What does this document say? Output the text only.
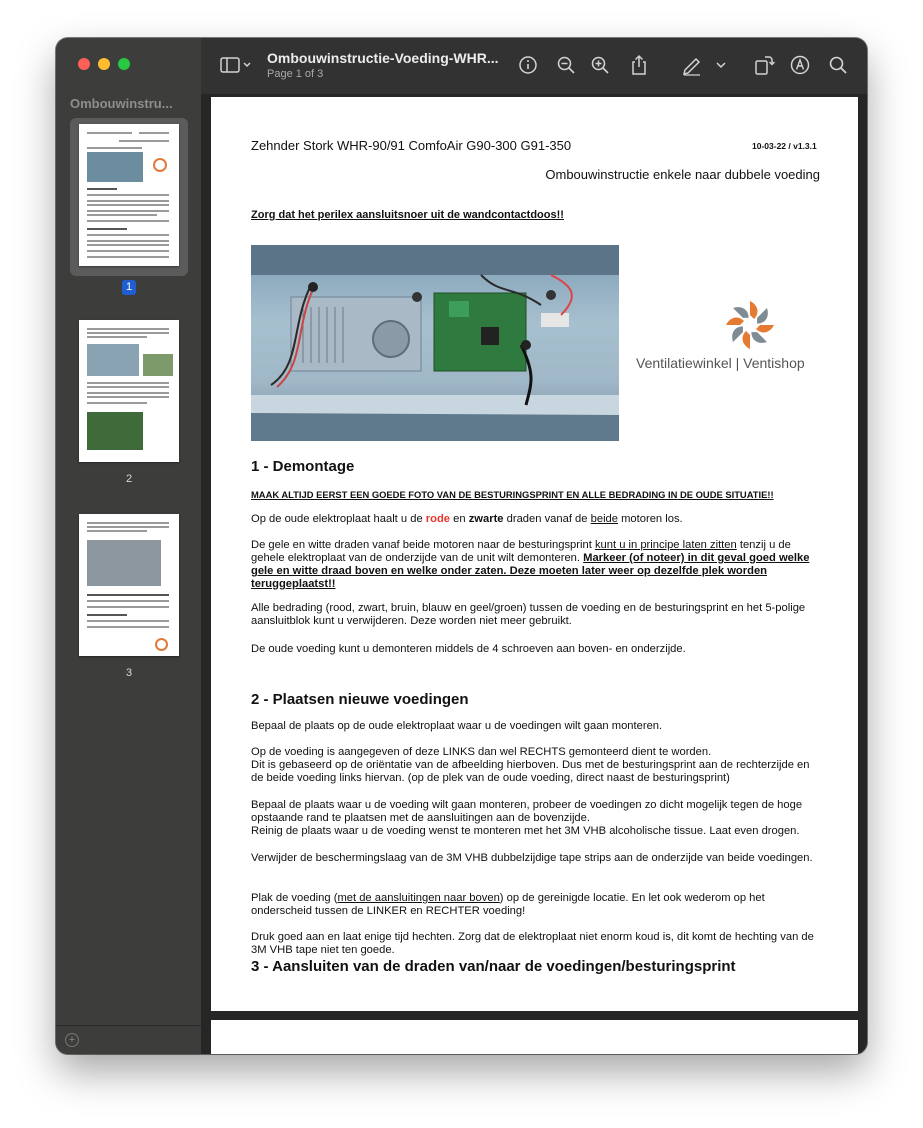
Ombouwinstru...
1
2
3
+
Ombouwinstructie-Voeding-WHR...
Page 1 of 3
Zehnder Stork WHR-90/91 ComfoAir G90-300 G91-350	10-03-22 / v1.3.1
Ombouwinstructie enkele naar dubbele voeding
Zorg dat het perilex aansluitsnoer uit de wandcontactdoos!!
Ventilatiewinkel | Ventishop
1 - Demontage
MAAK ALTIJD EERST EEN GOEDE FOTO VAN DE BESTURINGSPRINT EN ALLE BEDRADING IN DE OUDE SITUATIE!!
Op de oude elektroplaat haalt u de rode en zwarte draden vanaf de beide motoren los.
De gele en witte draden vanaf beide motoren naar de besturingsprint kunt u in principe laten zitten tenzij u de gehele elektroplaat van de onderzijde van de unit wilt demonteren. Markeer (of noteer) in dit geval goed welke gele en witte draad boven en welke onder zaten. Deze moeten later weer op dezelfde plek worden teruggeplaatst!!
Alle bedrading (rood, zwart, bruin, blauw en geel/groen) tussen de voeding en de besturingsprint en het 5-polige aansluitblok kunt u verwijderen. Deze worden niet meer gebruikt.
De oude voeding kunt u demonteren middels de 4 schroeven aan boven- en onderzijde.
2 - Plaatsen nieuwe voedingen
Bepaal de plaats op de oude elektroplaat waar u de voedingen wilt gaan monteren.
Op de voeding is aangegeven of deze LINKS dan wel RECHTS gemonteerd dient te worden.
Dit is gebaseerd op de oriëntatie van de afbeelding hierboven. Dus met de besturingsprint aan de rechterzijde en de beide voeding links hiervan. (op de plek van de oude voeding, direct naast de besturingsprint)
Bepaal de plaats waar u de voeding wilt gaan monteren, probeer de voedingen zo dicht mogelijk tegen de hoge opstaande rand te plaatsen met de aansluitingen aan de bovenzijde.
Reinig de plaats waar u de voeding wenst te monteren met het 3M VHB alcoholische tissue. Laat even drogen.
Verwijder de beschermingslaag van de 3M VHB dubbelzijdige tape strips aan de onderzijde van beide voedingen.
Plak de voeding (met de aansluitingen naar boven) op de gereinigde locatie. En let ook wederom op het onderscheid tussen de LINKER en RECHTER voeding!
Druk goed aan en laat enige tijd hechten. Zorg dat de elektroplaat niet enorm koud is, dit komt de hechting van de 3M VHB tape niet ten goede.
3 - Aansluiten van de draden van/naar de voedingen/besturingsprint
